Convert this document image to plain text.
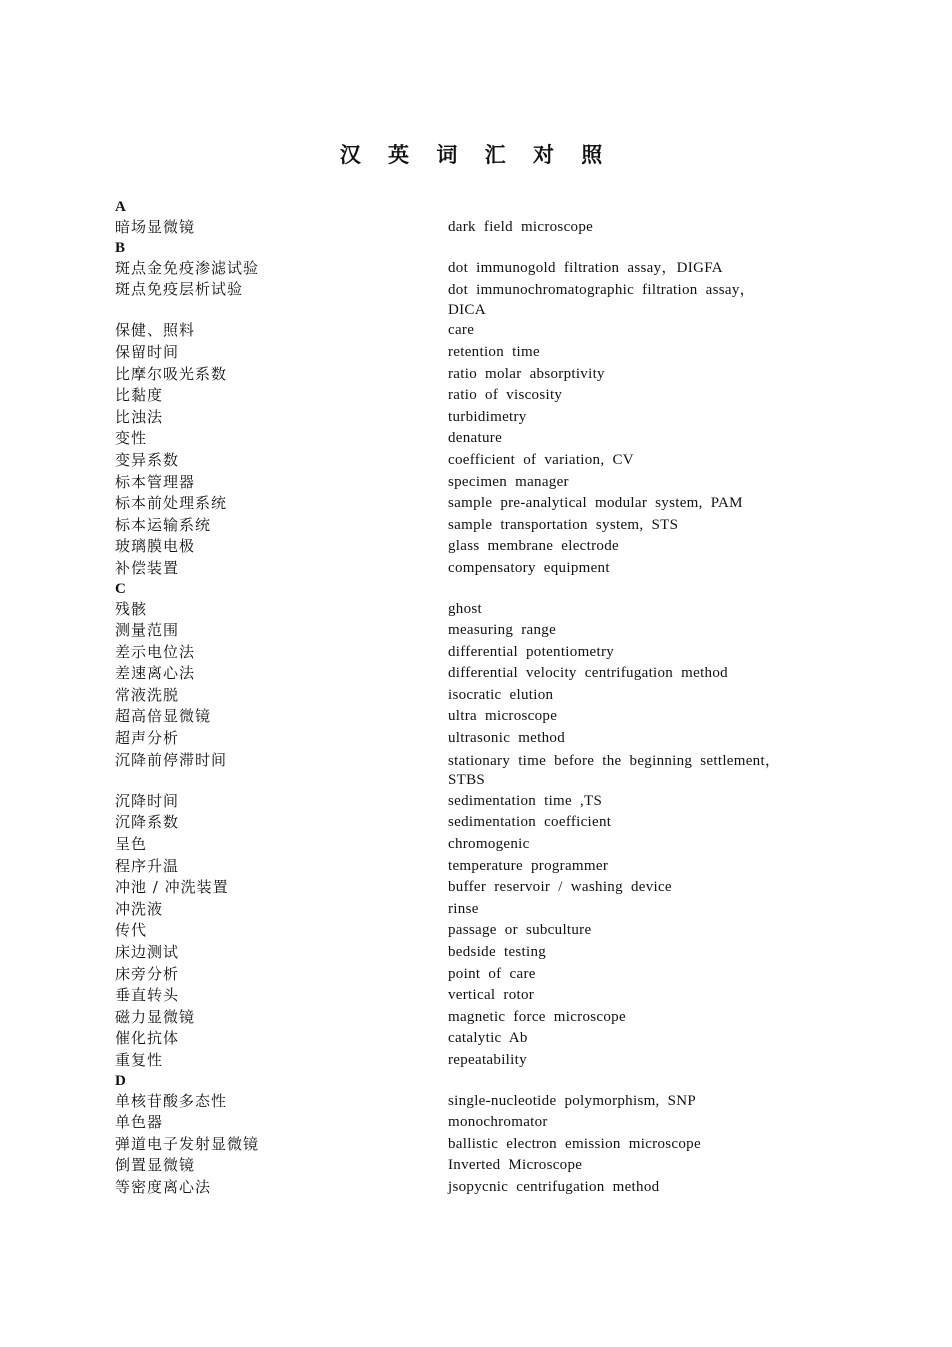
汉 英 词 汇 对 照
A
暗场显微镜	dark field microscope
B
斑点金免疫渗滤试验	dot immunogold filtration assay，DIGFA
斑点免疫层析试验	dot immunochromatographic filtration assay，
DICA
保健、照料	care
保留时间	retention time
比摩尔吸光系数	ratio molar absorptivity
比黏度	ratio of viscosity
比浊法	turbidimetry
变性	denature
变异系数	coefficient of variation, CV
标本管理器	specimen manager
标本前处理系统	sample pre-analytical modular system, PAM
标本运输系统	sample transportation system, STS
玻璃膜电极	glass membrane electrode
补偿装置	compensatory equipment
C
残骸	ghost
测量范围	measuring range
差示电位法	differential potentiometry
差速离心法	differential velocity centrifugation method
常液洗脱	isocratic elution
超高倍显微镜	ultra microscope
超声分析	ultrasonic method
沉降前停滞时间	stationary time before the beginning settlement，
STBS
沉降时间	sedimentation time ,TS
沉降系数	sedimentation coefficient
呈色	chromogenic
程序升温	temperature programmer
冲池 / 冲洗装置	buffer reservoir / washing device
冲洗液	rinse
传代	passage or subculture
床边测试	bedside testing
床旁分析	point of care
垂直转头	vertical rotor
磁力显微镜	magnetic force microscope
催化抗体	catalytic Ab
重复性	repeatability
D
单核苷酸多态性	single-nucleotide polymorphism, SNP
单色器	monochromator
弹道电子发射显微镜	ballistic electron emission microscope
倒置显微镜	Inverted Microscope
等密度离心法	jsopycnic centrifugation method
